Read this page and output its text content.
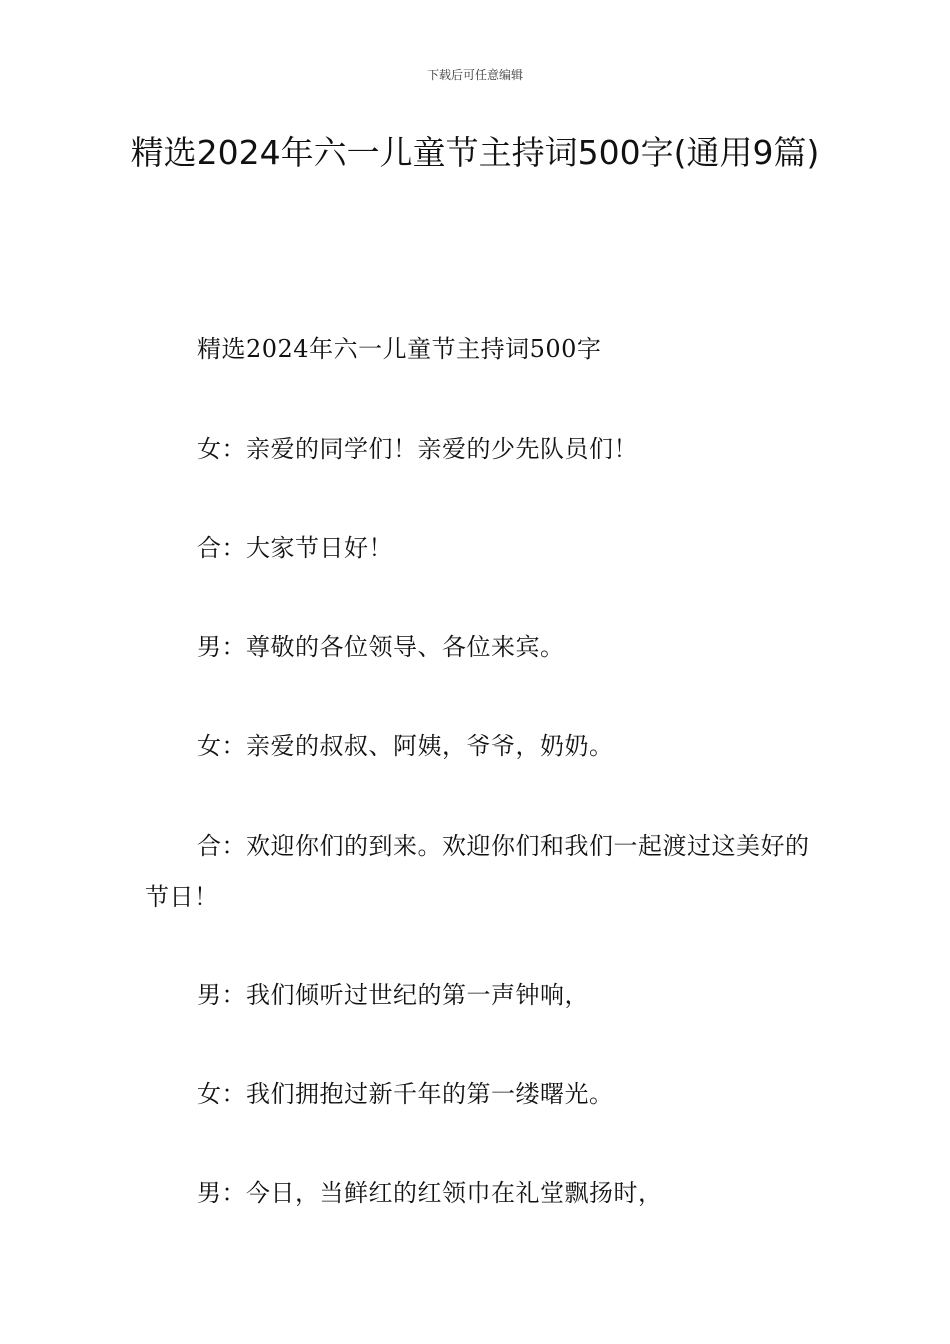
下载后可任意编辑
精选2024年六一儿童节主持词500字(通用9篇)

精选2024年六一儿童节主持词500字

女：亲爱的同学们！亲爱的少先队员们！

合：大家节日好！

男：尊敬的各位领导、各位来宾。

女：亲爱的叔叔、阿姨，爷爷，奶奶。

合：欢迎你们的到来。欢迎你们和我们一起渡过这美好的节日！

男：我们倾听过世纪的第一声钟响，

女：我们拥抱过新千年的第一缕曙光。

男：今日，当鲜红的红领巾在礼堂飘扬时，
